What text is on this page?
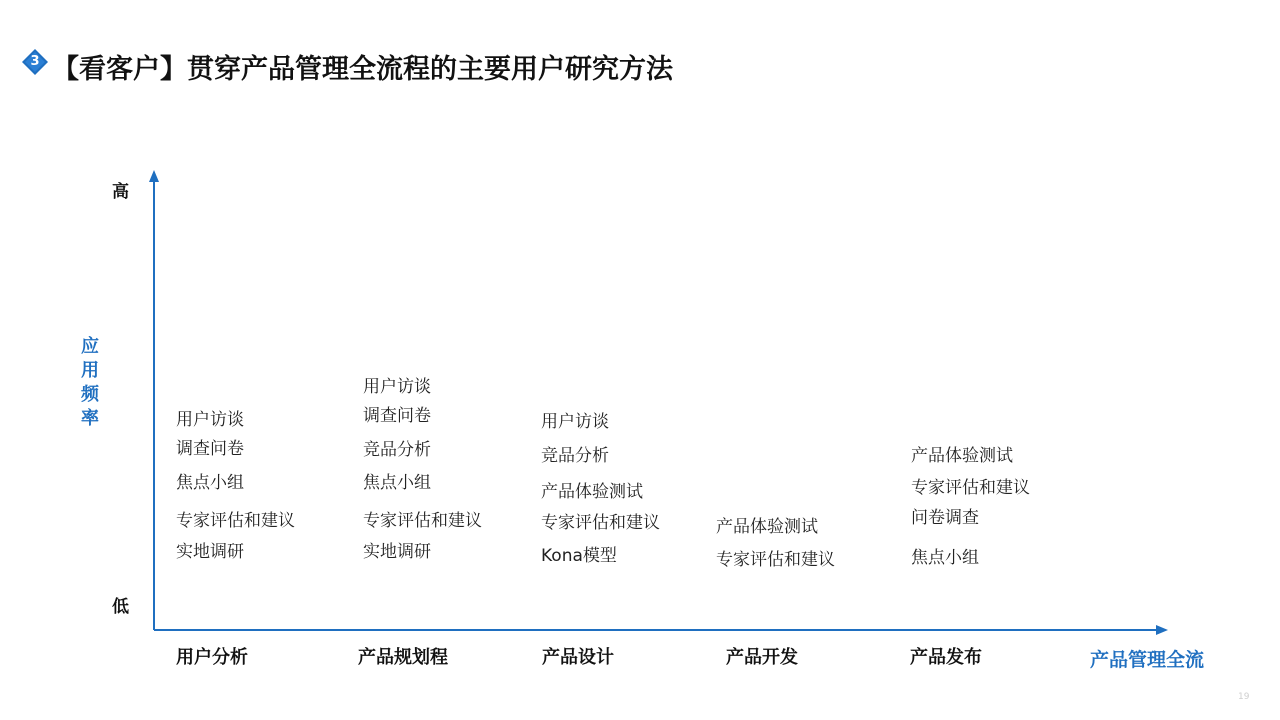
3 【看客户】贯穿产品管理全流程的主要用户研究方法
高
低
应用频率
用户分析
用户访谈
调查问卷
焦点小组
专家评估和建议
实地调研
产品规划程
用户访谈
调查问卷
竞品分析
焦点小组
专家评估和建议
实地调研
产品设计
用户访谈
竞品分析
产品体验测试
专家评估和建议
Kona模型
产品开发
产品体验测试
专家评估和建议
产品发布
产品体验测试
专家评估和建议
问卷调查
焦点小组
产品管理全流
19
